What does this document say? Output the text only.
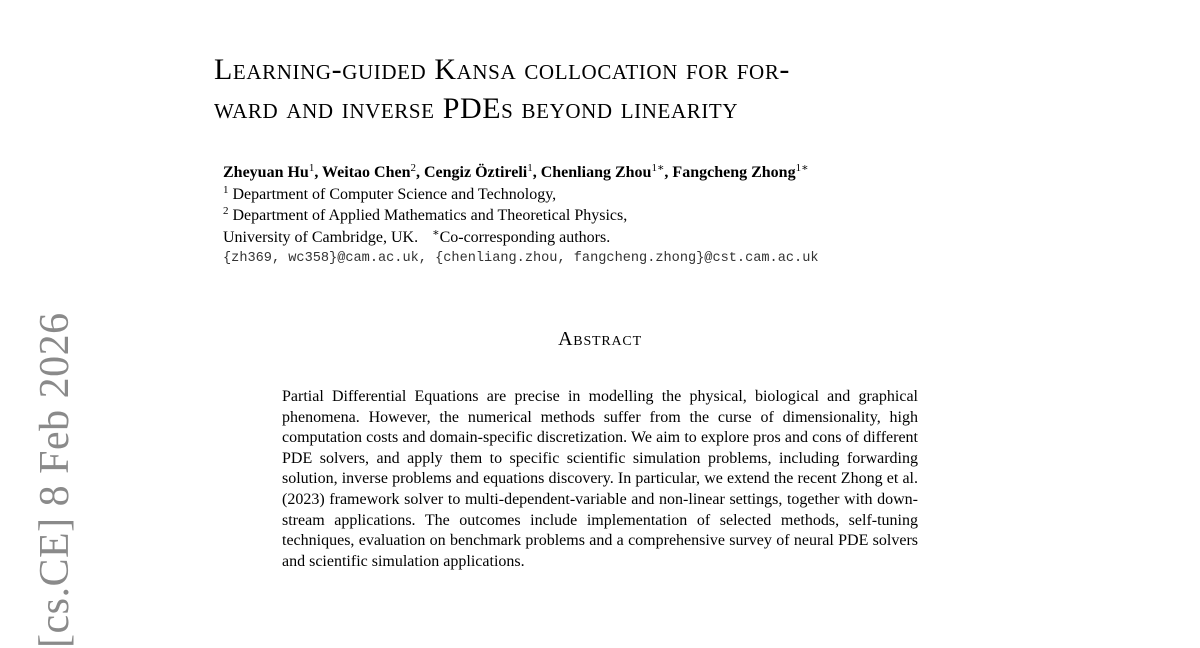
[cs.CE] 8 Feb 2026
Learning-guided Kansa collocation for for-
ward and inverse PDEs beyond linearity
Zheyuan Hu$^1$, Weitao Chen$^2$, Cengiz Öztireli$^1$, Chenliang Zhou$^{1∗}$, Fangcheng Zhong$^{1∗}$
$^1$ Department of Computer Science and Technology,
$^2$ Department of Applied Mathematics and Theoretical Physics,
University of Cambridge, UK. ∗Co-corresponding authors.
{zh369, wc358}@cam.ac.uk, {chenliang.zhou, fangcheng.zhong}@cst.cam.ac.uk
Abstract

Partial Differential Equations are precise in modelling the physical, biological and graphical phenomena. However, the numerical methods suffer from the curse of dimensionality, high computation costs and domain-specific discretization. We aim to explore pros and cons of different PDE solvers, and apply them to specific scientific simulation problems, including forwarding solution, inverse problems and equations discovery. In particular, we extend the recent Zhong et al. (2023) framework solver to multi-dependent-variable and non-linear settings, together with down-stream applications. The outcomes include implementation of selected methods, self-tuning techniques, evaluation on benchmark problems and a comprehensive survey of neural PDE solvers and scientific simulation applications.
